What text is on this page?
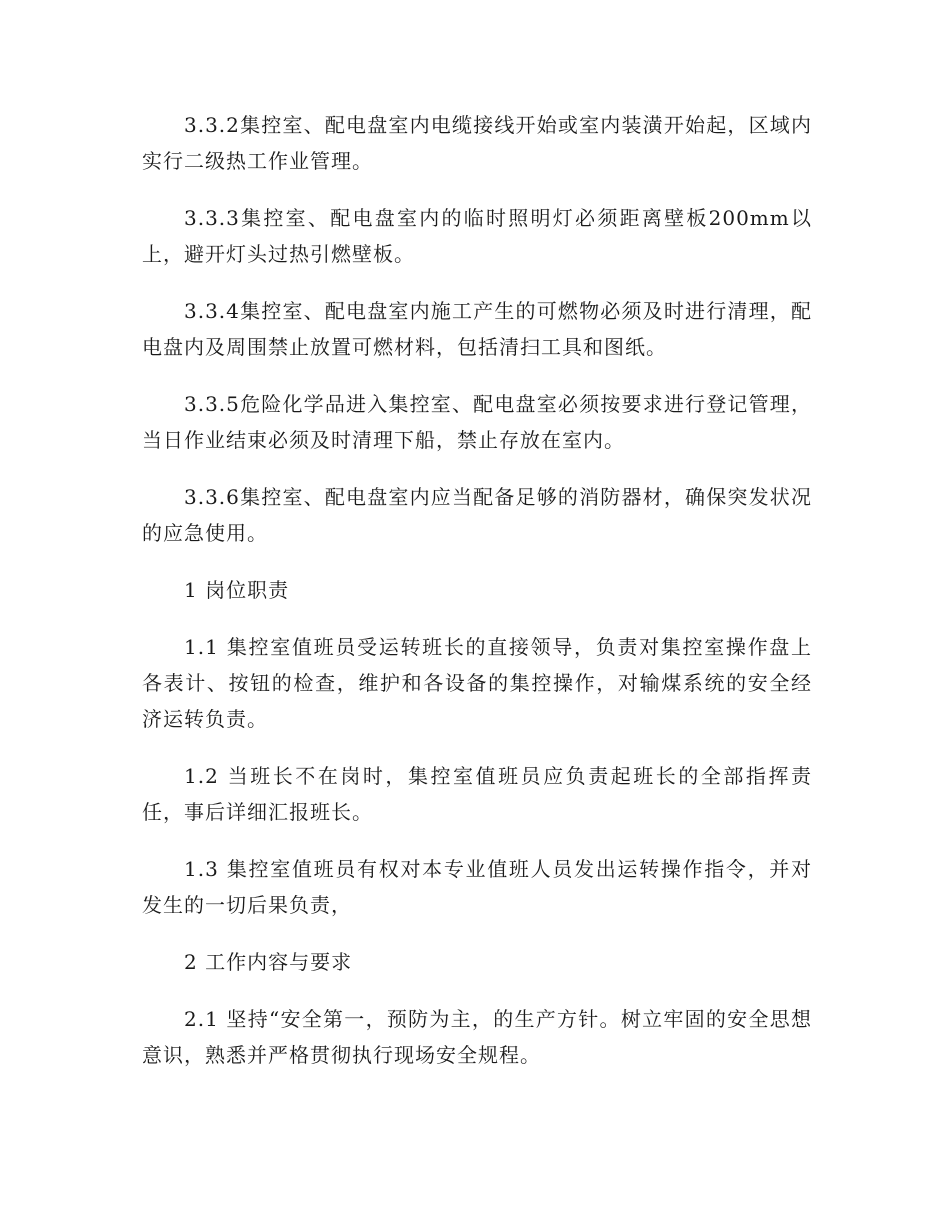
3.3.2集控室、配电盘室内电缆接线开始或室内装潢开始起，区域内实行二级热工作业管理。

3.3.3集控室、配电盘室内的临时照明灯必须距离壁板200mm以上，避开灯头过热引燃壁板。

3.3.4集控室、配电盘室内施工产生的可燃物必须及时进行清理，配电盘内及周围禁止放置可燃材料，包括清扫工具和图纸。

3.3.5危险化学品进入集控室、配电盘室必须按要求进行登记管理，当日作业结束必须及时清理下船，禁止存放在室内。

3.3.6集控室、配电盘室内应当配备足够的消防器材，确保突发状况的应急使用。

1 岗位职责

1.1 集控室值班员受运转班长的直接领导，负责对集控室操作盘上各表计、按钮的检查，维护和各设备的集控操作，对输煤系统的安全经济运转负责。

1.2 当班长不在岗时，集控室值班员应负责起班长的全部指挥责任，事后详细汇报班长。

1.3 集控室值班员有权对本专业值班人员发出运转操作指令，并对发生的一切后果负责，

2 工作内容与要求

2.1 坚持“安全第一，预防为主，的生产方针。树立牢固的安全思想意识，熟悉并严格贯彻执行现场安全规程。
